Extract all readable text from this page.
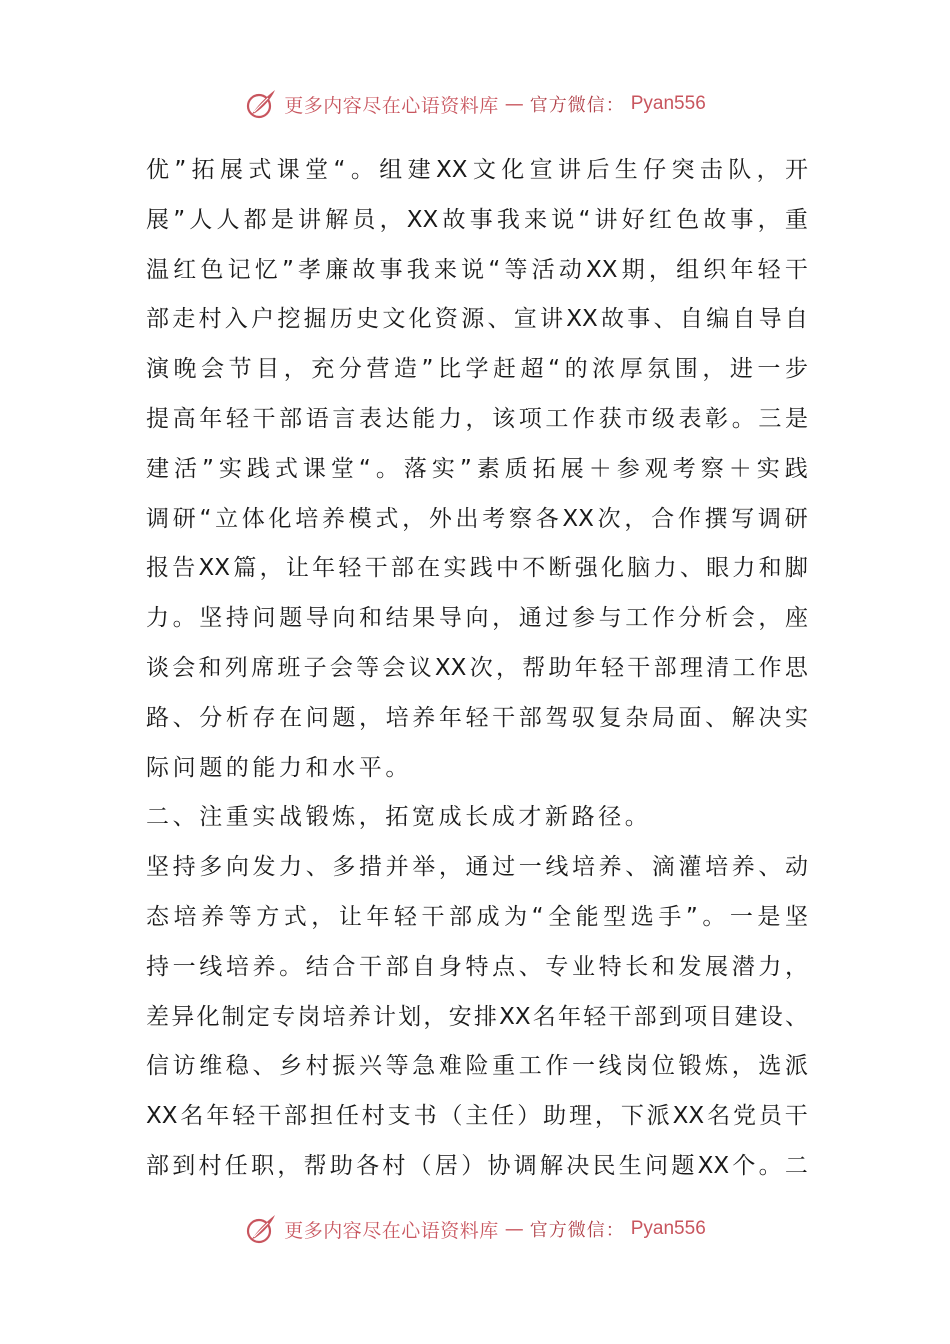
更多内容尽在心语资料库 — 官方微信： Pyan556
优 ” 拓 展 式 课 堂 “ 。 组 建 XX 文 化 宣 讲 后 生 仔 突 击 队 ， 开
展 ” 人 人 都 是 讲 解 员 ， XX 故 事 我 来 说 “ 讲 好 红 色 故 事 ， 重
温 红 色 记 忆 ” 孝 廉 故 事 我 来 说 “ 等 活 动 XX 期 ， 组 织 年 轻 干
部 走 村 入 户 挖 掘 历 史 文 化 资 源 、 宣 讲 XX 故 事 、 自 编 自 导 自
演 晚 会 节 目 ， 充 分 营 造 ” 比 学 赶 超 “ 的 浓 厚 氛 围 ， 进 一 步
提 高 年 轻 干 部 语 言 表 达 能 力 ， 该 项 工 作 获 市 级 表 彰 。 三 是
建 活 ” 实 践 式 课 堂 “ 。 落 实 ” 素 质 拓 展 ＋ 参 观 考 察 ＋ 实 践
调 研 “ 立 体 化 培 养 模 式 ， 外 出 考 察 各 XX 次 ， 合 作 撰 写 调 研
报 告 XX 篇 ， 让 年 轻 干 部 在 实 践 中 不 断 强 化 脑 力 、 眼 力 和 脚
力 。 坚 持 问 题 导 向 和 结 果 导 向 ， 通 过 参 与 工 作 分 析 会 ， 座
谈 会 和 列 席 班 子 会 等 会 议 XX 次 ， 帮 助 年 轻 干 部 理 清 工 作 思
路 、 分 析 存 在 问 题 ， 培 养 年 轻 干 部 驾 驭 复 杂 局 面 、 解 决 实
际问题的能力和水平。
二、注重实战锻炼，拓宽成长成才新路径。
坚 持 多 向 发 力 、 多 措 并 举 ， 通 过 一 线 培 养 、 滴 灌 培 养 、 动
态 培 养 等 方 式 ， 让 年 轻 干 部 成 为 “ 全 能 型 选 手 ” 。 一 是 坚
持 一 线 培 养 。 结 合 干 部 自 身 特 点 、 专 业 特 长 和 发 展 潜 力 ，
差 异 化 制 定 专 岗 培 养 计 划 ， 安 排 XX 名 年 轻 干 部 到 项 目 建 设 、
信 访 维 稳 、 乡 村 振 兴 等 急 难 险 重 工 作 一 线 岗 位 锻 炼 ， 选 派
XX 名 年 轻 干 部 担 任 村 支 书 （ 主 任 ） 助 理 ， 下 派 XX 名 党 员 干
部 到 村 任 职 ， 帮 助 各 村 （ 居 ） 协 调 解 决 民 生 问 题 XX 个 。 二
更多内容尽在心语资料库 — 官方微信： Pyan556
